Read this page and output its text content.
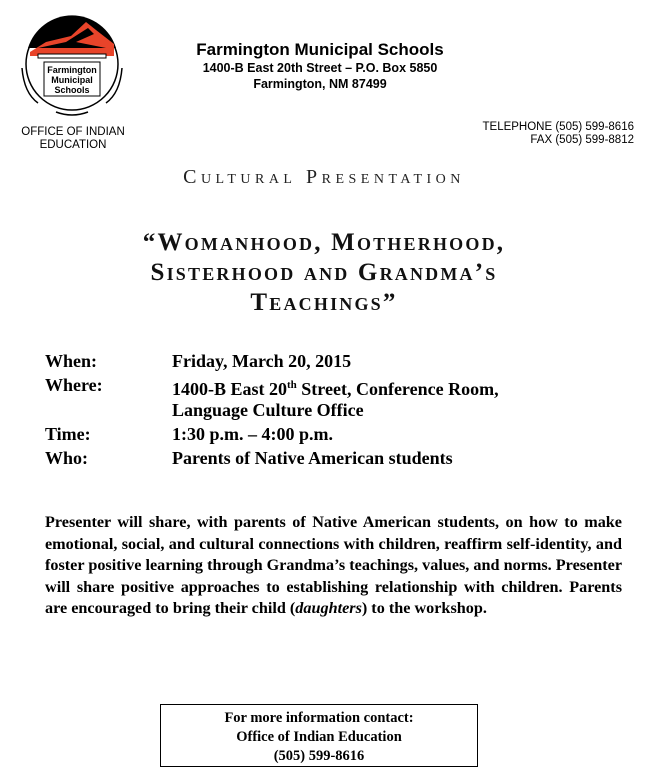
Farmington
Municipal
Schools
OFFICE OF INDIAN EDUCATION
Farmington Municipal Schools
1400-B East 20th Street – P.O. Box 5850
Farmington, NM 87499
TELEPHONE (505) 599-8616
FAX (505) 599-8812
Cultural Presentation
“Womanhood, Motherhood,
Sisterhood and Grandma’s
Teachings”
When:	Friday, March 20, 2015
Where:	1400-B East 20th Street, Conference Room,
Language Culture Office
Time:	1:30 p.m. – 4:00 p.m.
Who:	Parents of Native American students
Presenter will share, with parents of Native American students, on how to make emotional, social, and cultural connections with children, reaffirm self-identity, and foster positive learning through Grandma’s teachings, values, and norms. Presenter will share positive approaches to establishing relationship with children. Parents are encouraged to bring their child (daughters) to the workshop.
For more information contact:
Office of Indian Education
(505) 599-8616
